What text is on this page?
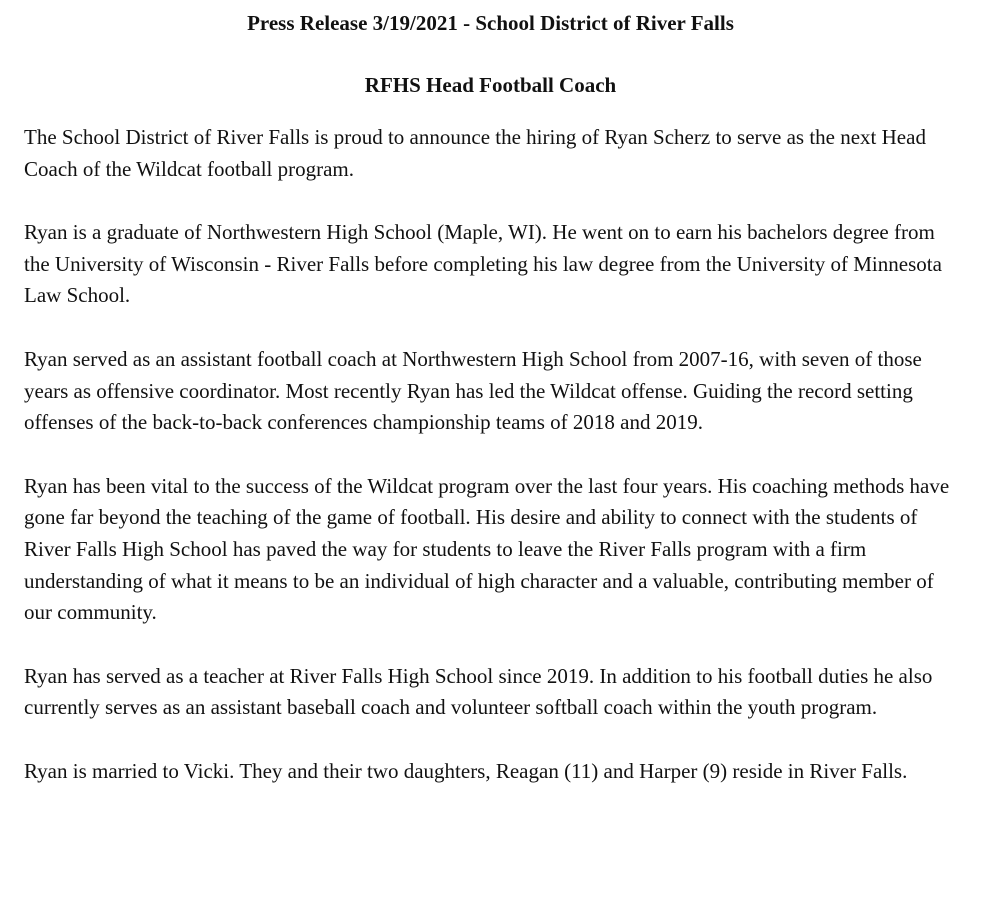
Press Release 3/19/2021 - School District of River Falls
RFHS Head Football Coach

The School District of River Falls is proud to announce the hiring of Ryan Scherz to serve as the next Head Coach of the Wildcat football program.

Ryan is a graduate of Northwestern High School (Maple, WI). He went on to earn his bachelors degree from the University of Wisconsin - River Falls before completing his law degree from the University of Minnesota Law School.

Ryan served as an assistant football coach at Northwestern High School from 2007-16, with seven of those years as offensive coordinator. Most recently Ryan has led the Wildcat offense. Guiding the record setting offenses of the back-to-back conferences championship teams of 2018 and 2019.

Ryan has been vital to the success of the Wildcat program over the last four years. His coaching methods have gone far beyond the teaching of the game of football. His desire and ability to connect with the students of River Falls High School has paved the way for students to leave the River Falls program with a firm understanding of what it means to be an individual of high character and a valuable, contributing member of our community.

Ryan has served as a teacher at River Falls High School since 2019. In addition to his football duties he also currently serves as an assistant baseball coach and volunteer softball coach within the youth program.

Ryan is married to Vicki. They and their two daughters, Reagan (11) and Harper (9) reside in River Falls.
